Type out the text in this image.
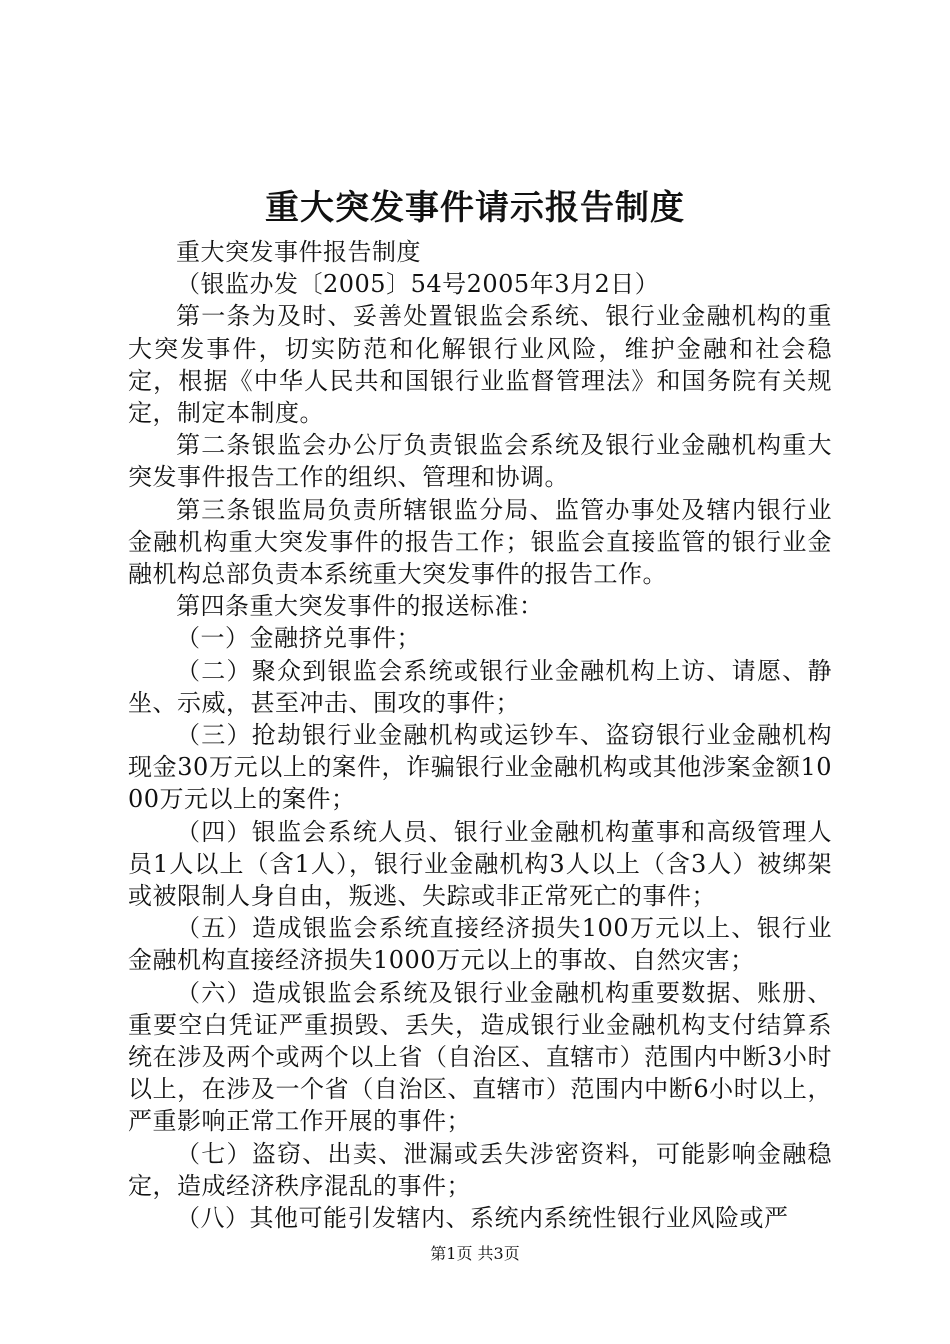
重大突发事件请示报告制度

重大突发事件报告制度

（银监办发〔2005〕54号2005年3月2日）

第一条为及时、妥善处置银监会系统、银行业金融机构的重大突发事件，切实防范和化解银行业风险，维护金融和社会稳定，根据《中华人民共和国银行业监督管理法》和国务院有关规定，制定本制度。

第二条银监会办公厅负责银监会系统及银行业金融机构重大突发事件报告工作的组织、管理和协调。

第三条银监局负责所辖银监分局、监管办事处及辖内银行业金融机构重大突发事件的报告工作；银监会直接监管的银行业金融机构总部负责本系统重大突发事件的报告工作。

第四条重大突发事件的报送标准：

（一）金融挤兑事件；

（二）聚众到银监会系统或银行业金融机构上访、请愿、静坐、示威，甚至冲击、围攻的事件；

（三）抢劫银行业金融机构或运钞车、盗窃银行业金融机构现金30万元以上的案件，诈骗银行业金融机构或其他涉案金额1000万元以上的案件；

（四）银监会系统人员、银行业金融机构董事和高级管理人员1人以上（含1人），银行业金融机构3人以上（含3人）被绑架或被限制人身自由，叛逃、失踪或非正常死亡的事件；

（五）造成银监会系统直接经济损失100万元以上、银行业金融机构直接经济损失1000万元以上的事故、自然灾害；

（六）造成银监会系统及银行业金融机构重要数据、账册、重要空白凭证严重损毁、丢失，造成银行业金融机构支付结算系统在涉及两个或两个以上省（自治区、直辖市）范围内中断3小时以上，在涉及一个省（自治区、直辖市）范围内中断6小时以上，严重影响正常工作开展的事件；

（七）盗窃、出卖、泄漏或丢失涉密资料，可能影响金融稳定，造成经济秩序混乱的事件；

（八）其他可能引发辖内、系统内系统性银行业风险或严

第1页 共3页
